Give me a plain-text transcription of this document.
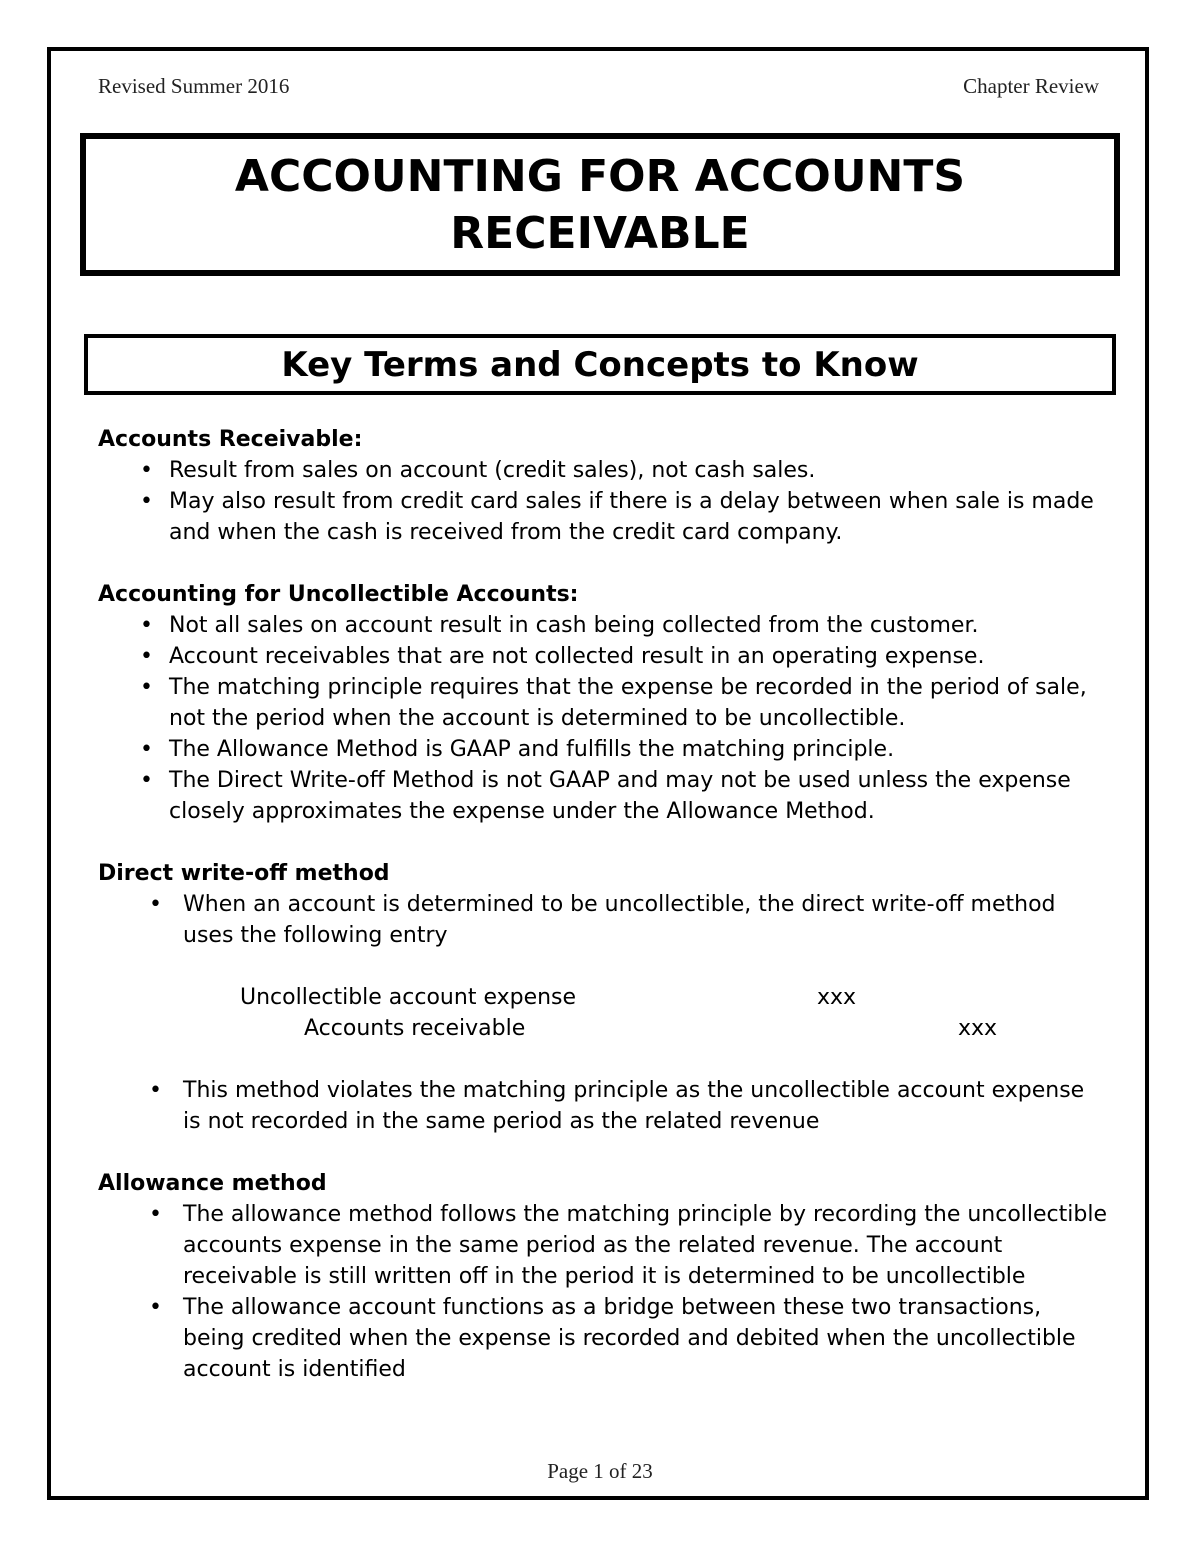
Revised Summer 2016	Chapter Review
ACCOUNTING FOR ACCOUNTS
RECEIVABLE
Key Terms and Concepts to Know
Accounts Receivable:
• Result from sales on account (credit sales), not cash sales.
• May also result from credit card sales if there is a delay between when sale is made and when the cash is received from the credit card company.
Accounting for Uncollectible Accounts:
• Not all sales on account result in cash being collected from the customer.
• Account receivables that are not collected result in an operating expense.
• The matching principle requires that the expense be recorded in the period of sale, not the period when the account is determined to be uncollectible.
• The Allowance Method is GAAP and fulfills the matching principle.
• The Direct Write-off Method is not GAAP and may not be used unless the expense closely approximates the expense under the Allowance Method.
Direct write-off method
• When an account is determined to be uncollectible, the direct write-off method uses the following entry
Uncollectible account expense	xxx
Accounts receivable	xxx
• This method violates the matching principle as the uncollectible account expense is not recorded in the same period as the related revenue
Allowance method
• The allowance method follows the matching principle by recording the uncollectible accounts expense in the same period as the related revenue. The account receivable is still written off in the period it is determined to be uncollectible
• The allowance account functions as a bridge between these two transactions, being credited when the expense is recorded and debited when the uncollectible account is identified
Page 1 of 23
